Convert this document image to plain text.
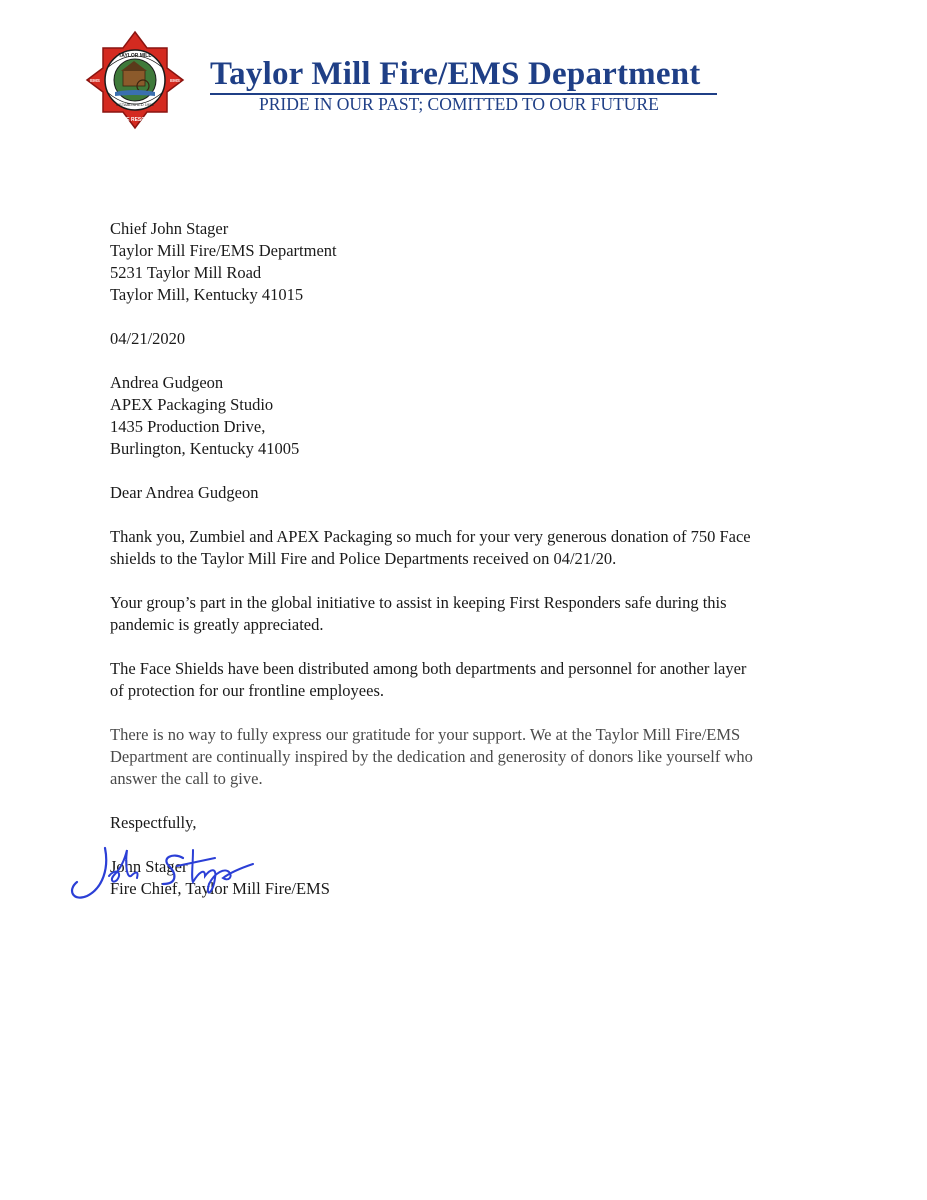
TAYLOR MILL
ESTABLISHED 1953
FIRE RESCUE
EMS	EMS Taylor Mill Fire/EMS Department
PRIDE IN OUR PAST; COMITTED TO OUR FUTURE
Chief John Stager
Taylor Mill Fire/EMS Department
5231 Taylor Mill Road
Taylor Mill, Kentucky 41015
04/21/2020
Andrea Gudgeon
APEX Packaging Studio
1435 Production Drive,
Burlington, Kentucky 41005
Dear Andrea Gudgeon
Thank you, Zumbiel and APEX Packaging so much for your very generous donation of 750 Face
shields to the Taylor Mill Fire and Police Departments received on 04/21/20.
Your group’s part in the global initiative to assist in keeping First Responders safe during this
pandemic is greatly appreciated.
The Face Shields have been distributed among both departments and personnel for another layer
of protection for our frontline employees.
There is no way to fully express our gratitude for your support. We at the Taylor Mill Fire/EMS
Department are continually inspired by the dedication and generosity of donors like yourself who
answer the call to give.
Respectfully,
John Stager
Fire Chief, Taylor Mill Fire/EMS
